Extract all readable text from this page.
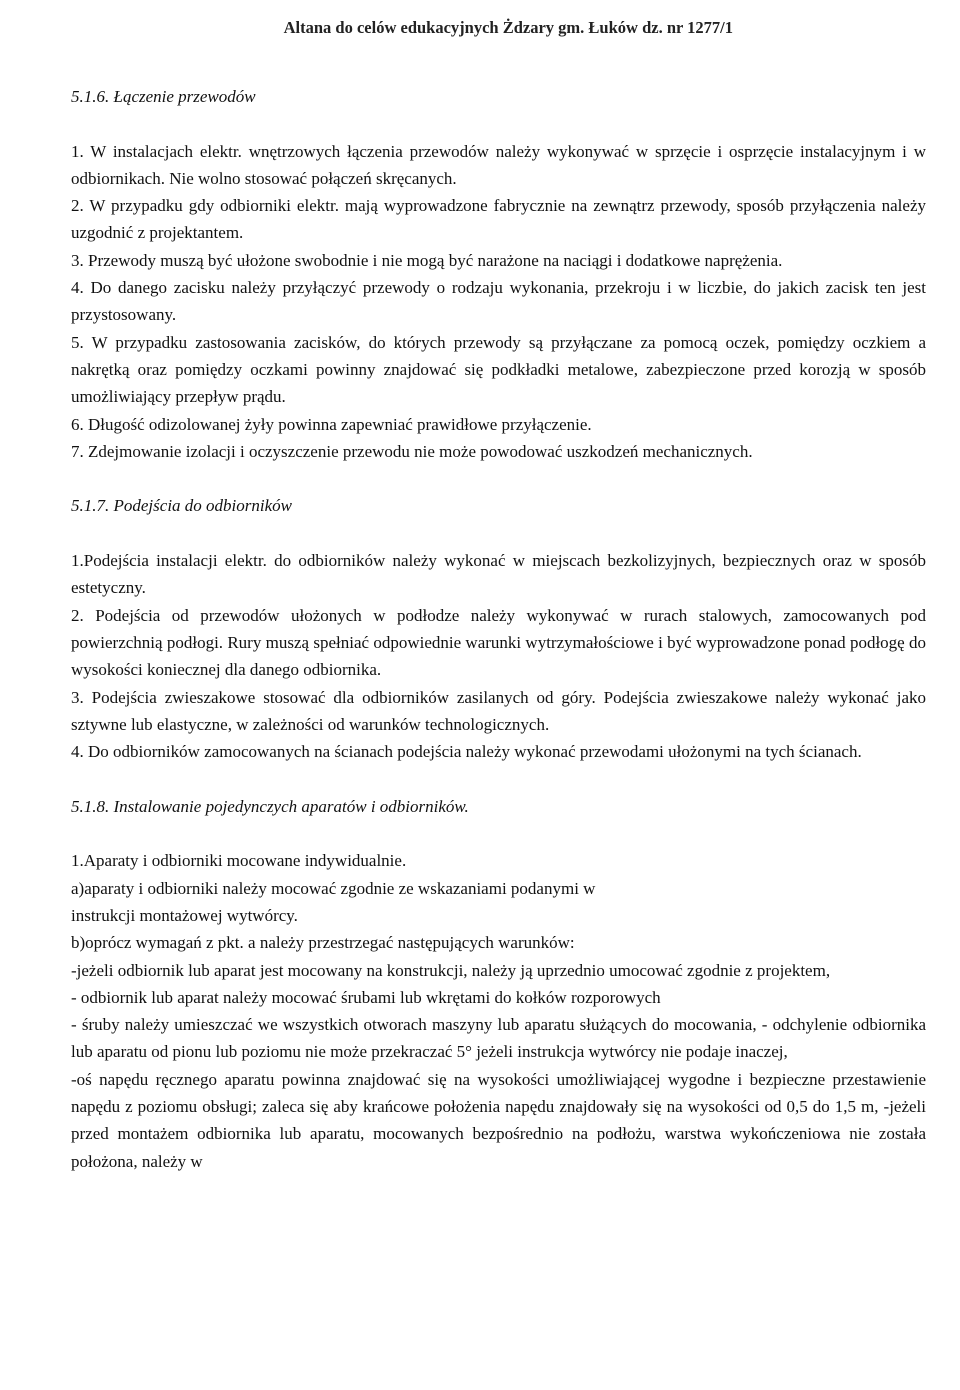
Altana do celów edukacyjnych Żdzary gm. Łuków dz. nr 1277/1
5.1.6. Łączenie przewodów
1. W instalacjach elektr. wnętrzowych łączenia przewodów należy wykonywać w sprzęcie i osprzęcie instalacyjnym i w odbiornikach. Nie wolno stosować połączeń skręcanych.
2. W przypadku gdy odbiorniki elektr. mają wyprowadzone fabrycznie na zewnątrz przewody, sposób przyłączenia należy uzgodnić z projektantem.
3. Przewody muszą być ułożone swobodnie i nie mogą być narażone na naciągi i dodatkowe naprężenia.
4. Do danego zacisku należy przyłączyć przewody o rodzaju wykonania, przekroju i w liczbie, do jakich zacisk ten jest przystosowany.
5. W przypadku zastosowania zacisków, do których przewody są przyłączane za pomocą oczek, pomiędzy oczkiem a nakrętką oraz pomiędzy oczkami powinny znajdować się podkładki metalowe, zabezpieczone przed korozją w sposób umożliwiający przepływ prądu.
6. Długość odizolowanej żyły powinna zapewniać prawidłowe przyłączenie.
7. Zdejmowanie izolacji i oczyszczenie przewodu nie może powodować uszkodzeń mechanicznych.
5.1.7. Podejścia do odbiorników
1.Podejścia instalacji elektr. do odbiorników należy wykonać w miejscach bezkolizyjnych, bezpiecznych oraz w sposób estetyczny.
2. Podejścia od przewodów ułożonych w podłodze należy wykonywać w rurach stalowych, zamocowanych pod powierzchnią podłogi. Rury muszą spełniać odpowiednie warunki wytrzymałościowe i być wyprowadzone ponad podłogę do wysokości koniecznej dla danego odbiornika.
3. Podejścia zwieszakowe stosować dla odbiorników zasilanych od góry. Podejścia zwieszakowe należy wykonać jako sztywne lub elastyczne, w zależności od warunków technologicznych.
4. Do odbiorników zamocowanych na ścianach podejścia należy wykonać przewodami ułożonymi na tych ścianach.
5.1.8. Instalowanie pojedynczych aparatów i odbiorników.
1.Aparaty i odbiorniki mocowane indywidualnie.
a)aparaty i odbiorniki należy mocować zgodnie ze wskazaniami podanymi w
instrukcji montażowej wytwórcy.
b)oprócz wymagań z pkt. a należy przestrzegać następujących warunków:
-jeżeli odbiornik lub aparat jest mocowany na konstrukcji, należy ją uprzednio umocować zgodnie z projektem,
- odbiornik lub aparat należy mocować śrubami lub wkrętami do kołków rozporowych
- śruby należy umieszczać we wszystkich otworach maszyny lub aparatu służących do mocowania, - odchylenie odbiornika lub aparatu od pionu lub poziomu nie może przekraczać 5° jeżeli instrukcja wytwórcy nie podaje inaczej,
-oś napędu ręcznego aparatu powinna znajdować się na wysokości umożliwiającej wygodne i bezpieczne przestawienie napędu z poziomu obsługi; zaleca się aby krańcowe położenia napędu znajdowały się na wysokości od 0,5 do 1,5 m, -jeżeli przed montażem odbiornika lub aparatu, mocowanych bezpośrednio na podłożu, warstwa wykończeniowa nie została położona, należy w
